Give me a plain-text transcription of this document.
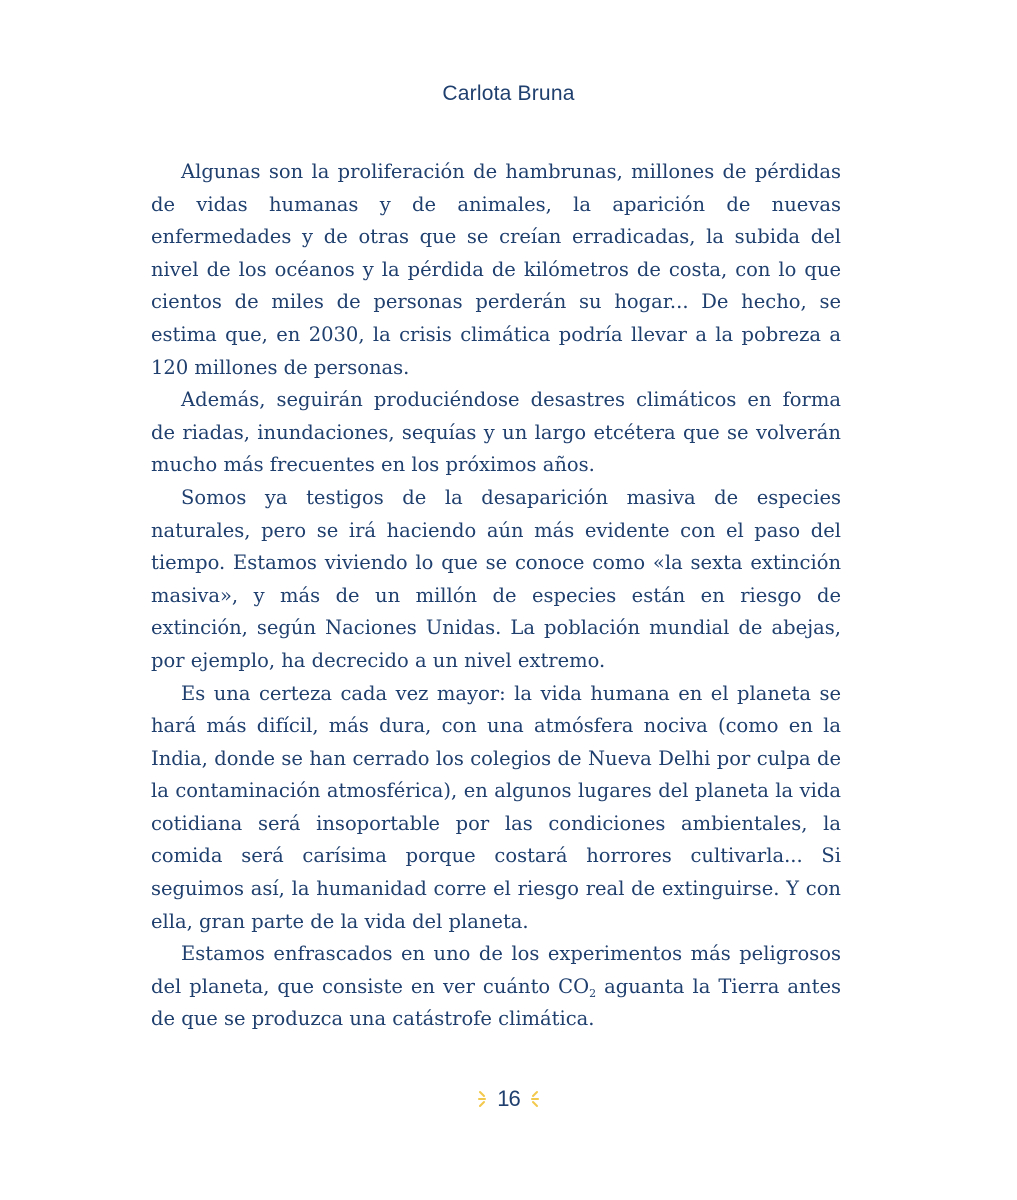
Carlota Bruna

Algunas son la proliferación de hambrunas, millones de pérdidas de vidas humanas y de animales, la aparición de nuevas enfermedades y de otras que se creían erradicadas, la subida del nivel de los océanos y la pérdida de kilómetros de costa, con lo que cientos de miles de personas perderán su hogar... De hecho, se estima que, en 2030, la crisis climática podría llevar a la pobreza a 120 millones de personas.

Además, seguirán produciéndose desastres climáticos en forma de riadas, inundaciones, sequías y un largo etcétera que se volverán mucho más frecuentes en los próximos años.

Somos ya testigos de la desaparición masiva de especies naturales, pero se irá haciendo aún más evidente con el paso del tiempo. Estamos viviendo lo que se conoce como «la sexta extinción masiva», y más de un millón de especies están en riesgo de extinción, según Naciones Unidas. La población mundial de abejas, por ejemplo, ha decrecido a un nivel extremo.

Es una certeza cada vez mayor: la vida humana en el planeta se hará más difícil, más dura, con una atmósfera nociva (como en la India, donde se han cerrado los colegios de Nueva Delhi por culpa de la contaminación atmosférica), en algunos lugares del planeta la vida cotidiana será insoportable por las condiciones ambientales, la comida será carísima porque costará horrores cultivarla... Si seguimos así, la humanidad corre el riesgo real de extinguirse. Y con ella, gran parte de la vida del planeta.

Estamos enfrascados en uno de los experimentos más peligrosos del planeta, que consiste en ver cuánto $CO_2$ aguanta la Tierra antes de que se produzca una catástrofe climática.

16
